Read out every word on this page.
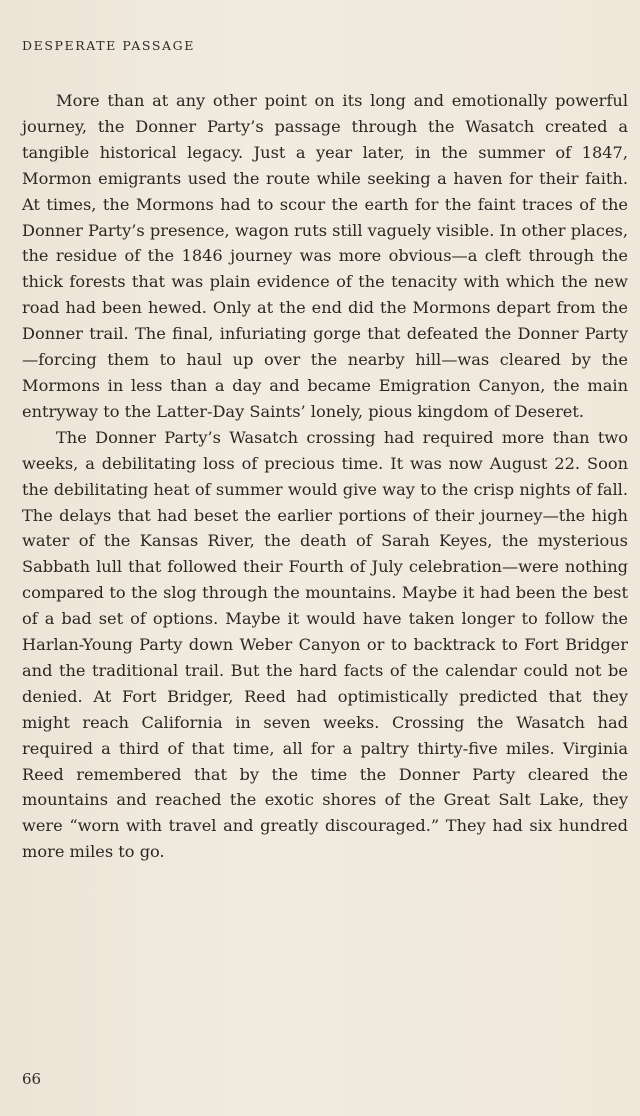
DESPERATE PASSAGE

More than at any other point on its long and emotionally powerful journey, the Donner Party’s passage through the Wasatch created a tangible historical legacy. Just a year later, in the summer of 1847, Mormon emigrants used the route while seeking a haven for their faith. At times, the Mormons had to scour the earth for the faint traces of the Donner Party’s presence, wagon ruts still vaguely visible. In other places, the residue of the 1846 journey was more obvious—a cleft through the thick forests that was plain evidence of the tenacity with which the new road had been hewed. Only at the end did the Mormons depart from the Donner trail. The final, infuriating gorge that defeated the Donner Party—forcing them to haul up over the nearby hill—was cleared by the Mormons in less than a day and became Emigration Canyon, the main entryway to the Latter-Day Saints’ lonely, pious kingdom of Deseret.

The Donner Party’s Wasatch crossing had required more than two weeks, a debilitating loss of precious time. It was now August 22. Soon the debilitating heat of summer would give way to the crisp nights of fall. The delays that had beset the earlier portions of their journey—the high water of the Kansas River, the death of Sarah Keyes, the mysterious Sabbath lull that followed their Fourth of July celebration—were nothing compared to the slog through the mountains. Maybe it had been the best of a bad set of options. Maybe it would have taken longer to follow the Harlan-Young Party down Weber Canyon or to backtrack to Fort Bridger and the traditional trail. But the hard facts of the calendar could not be denied. At Fort Bridger, Reed had optimistically predicted that they might reach California in seven weeks. Crossing the Wasatch had required a third of that time, all for a paltry thirty-five miles. Virginia Reed remembered that by the time the Donner Party cleared the mountains and reached the exotic shores of the Great Salt Lake, they were “worn with travel and greatly discouraged.” They had six hundred more miles to go.

66
